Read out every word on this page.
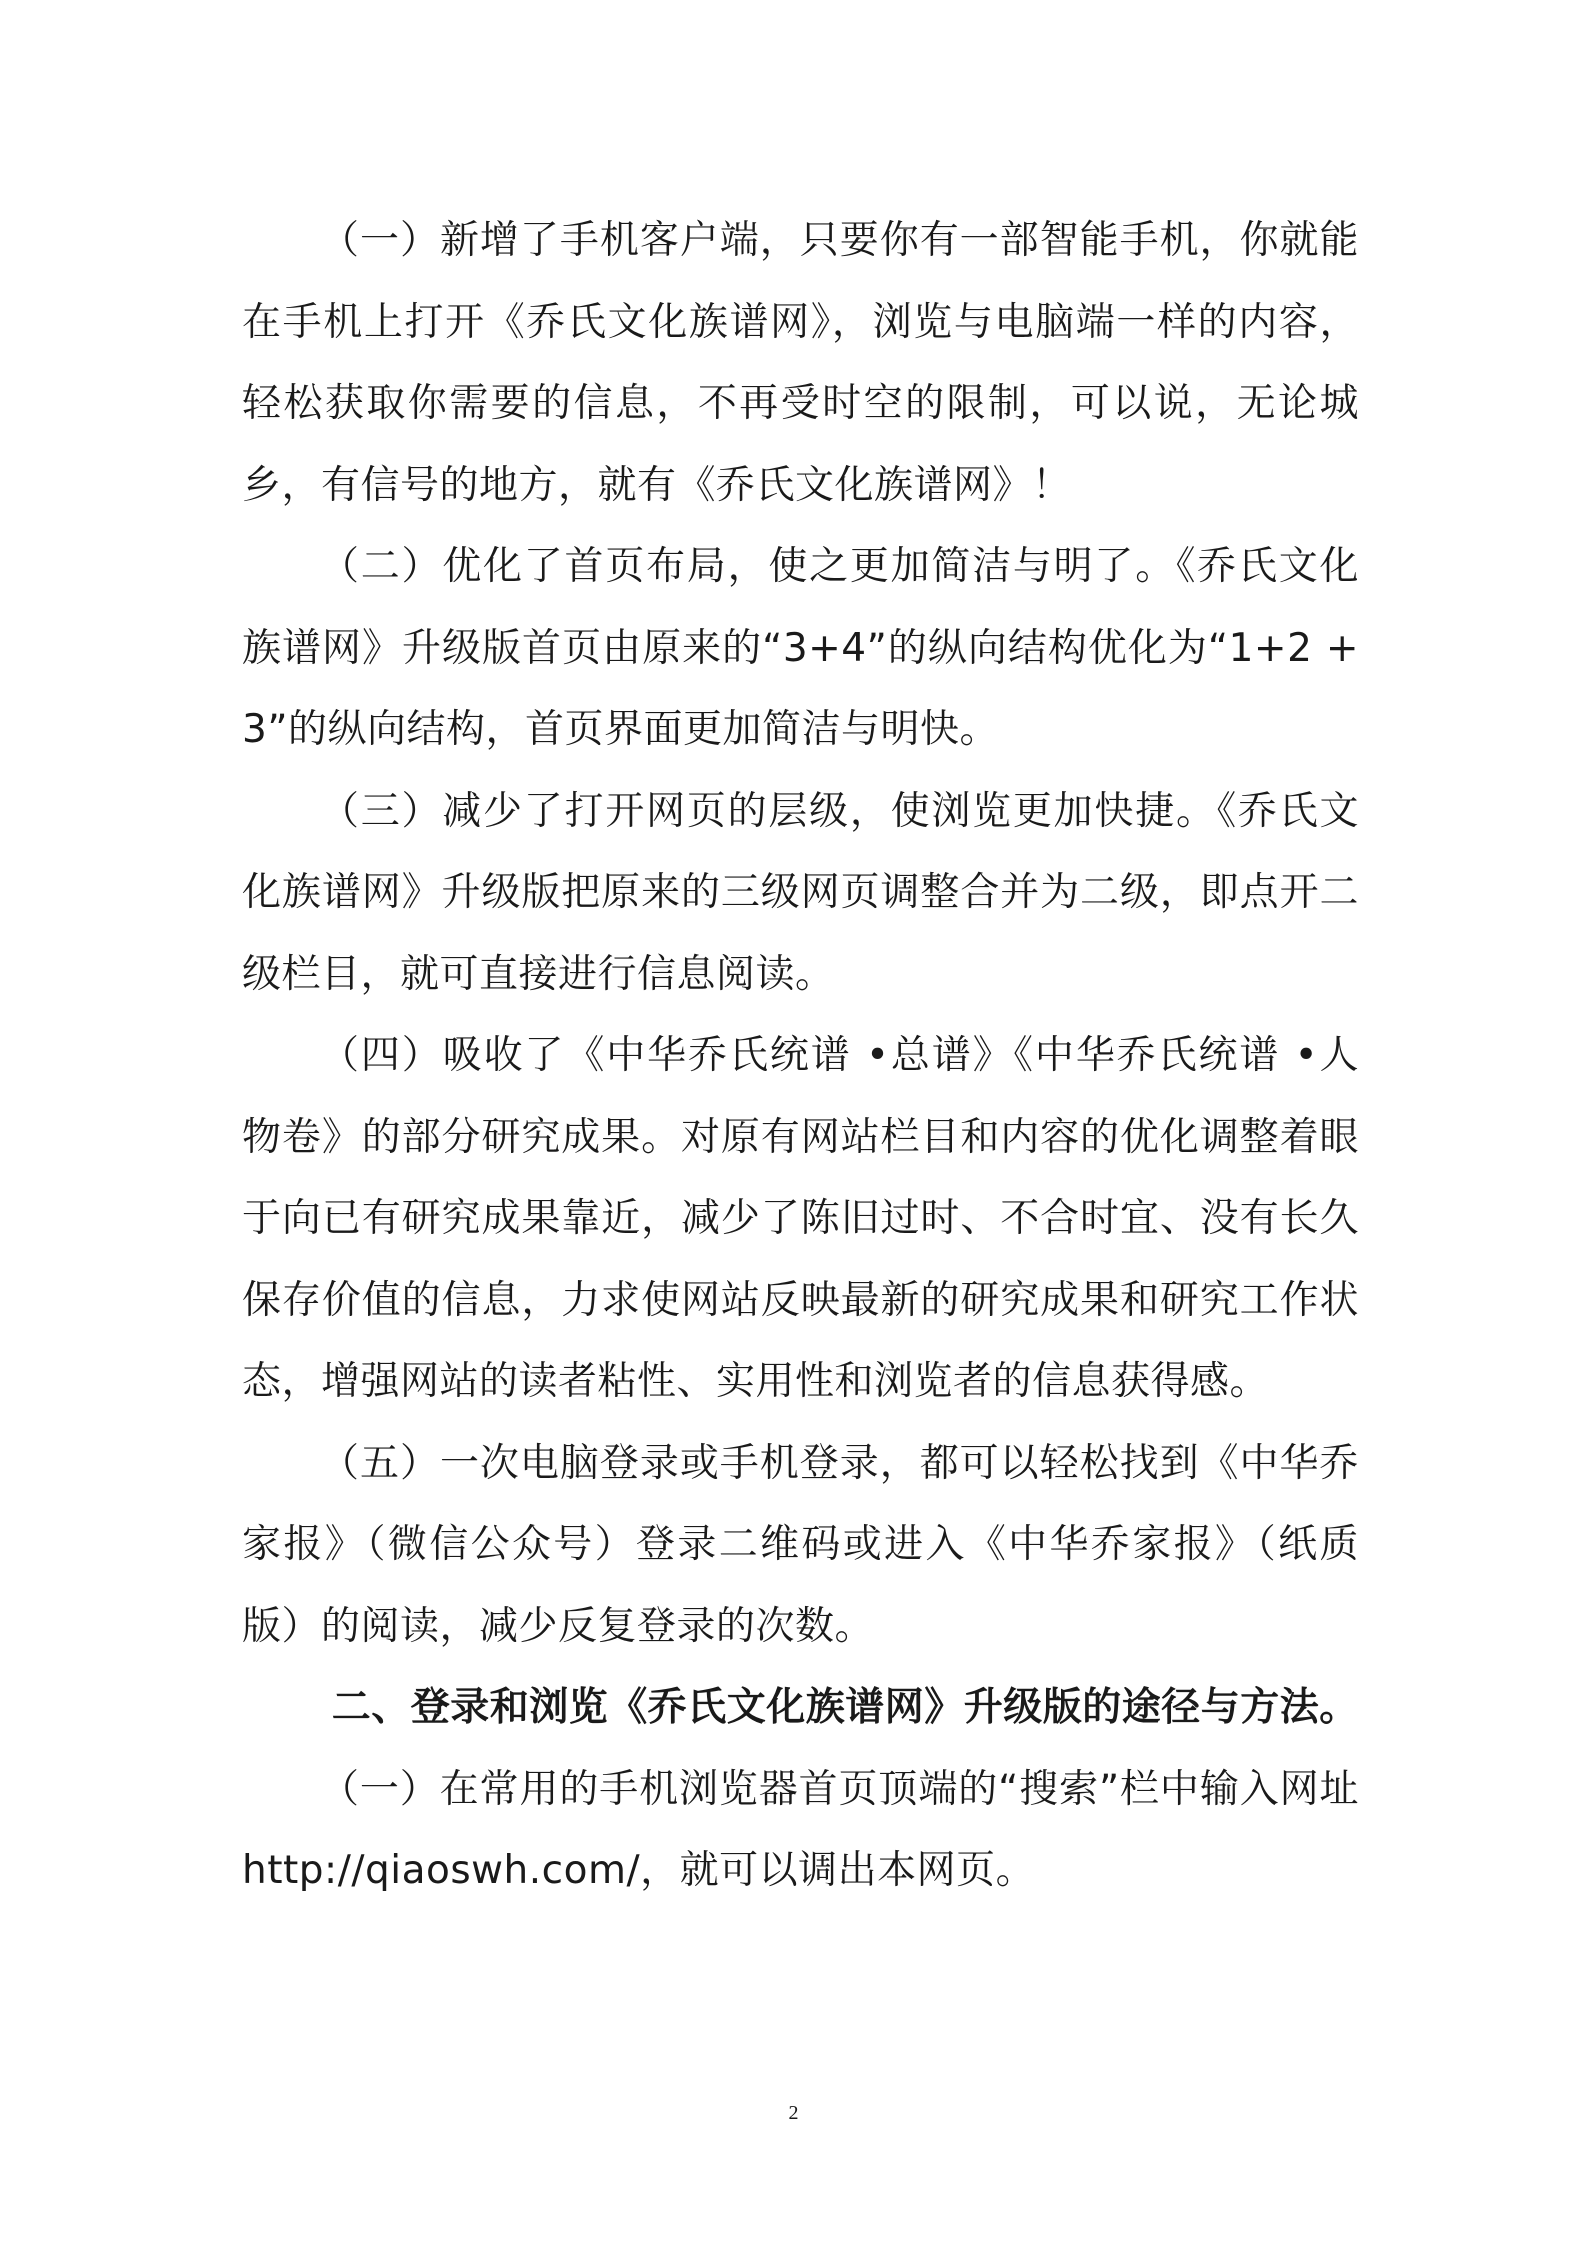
（一）新增了手机客户端，只要你有一部智能手机，你就能在手机上打开《乔氏文化族谱网》，浏览与电脑端一样的内容，轻松获取你需要的信息，不再受时空的限制，可以说，无论城乡，有信号的地方，就有《乔氏文化族谱网》！

（二）优化了首页布局，使之更加简洁与明了。《乔氏文化族谱网》升级版首页由原来的“3+4”的纵向结构优化为“1+2 +3”的纵向结构，首页界面更加简洁与明快。

（三）减少了打开网页的层级，使浏览更加快捷。《乔氏文化族谱网》升级版把原来的三级网页调整合并为二级，即点开二级栏目，就可直接进行信息阅读。

（四）吸收了《中华乔氏统谱 •总谱》《中华乔氏统谱 •人物卷》的部分研究成果。对原有网站栏目和内容的优化调整着眼于向已有研究成果靠近，减少了陈旧过时、不合时宜、没有长久保存价值的信息，力求使网站反映最新的研究成果和研究工作状态，增强网站的读者粘性、实用性和浏览者的信息获得感。

（五）一次电脑登录或手机登录，都可以轻松找到《中华乔家报》（微信公众号）登录二维码或进入《中华乔家报》（纸质版）的阅读，减少反复登录的次数。

二、登录和浏览《乔氏文化族谱网》升级版的途径与方法。

（一）在常用的手机浏览器首页顶端的“搜索”栏中输入网址 http://qiaoswh.com/，就可以调出本网页。

2
